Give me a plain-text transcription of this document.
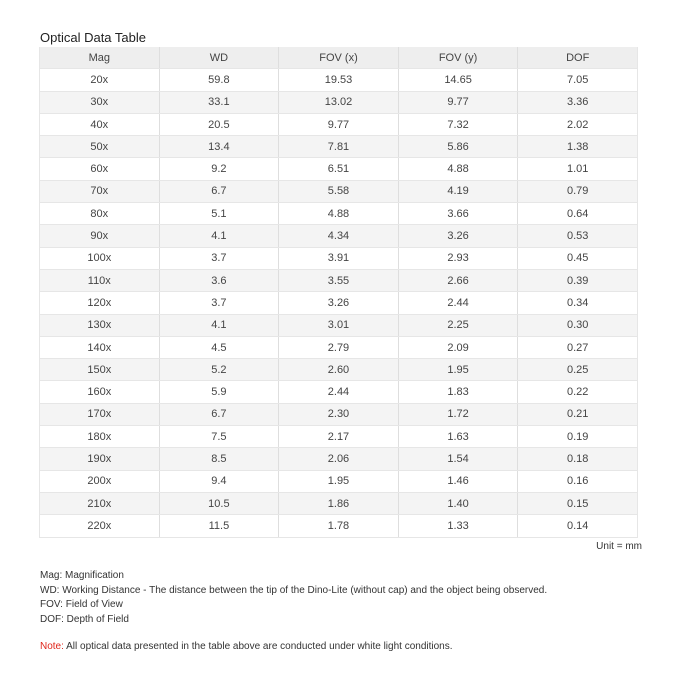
Optical Data Table
Mag	WD	FOV (x)	FOV (y)	DOF
20x	59.8	19.53	14.65	7.05
30x	33.1	13.02	9.77	3.36
40x	20.5	9.77	7.32	2.02
50x	13.4	7.81	5.86	1.38
60x	9.2	6.51	4.88	1.01
70x	6.7	5.58	4.19	0.79
80x	5.1	4.88	3.66	0.64
90x	4.1	4.34	3.26	0.53
100x	3.7	3.91	2.93	0.45
110x	3.6	3.55	2.66	0.39
120x	3.7	3.26	2.44	0.34
130x	4.1	3.01	2.25	0.30
140x	4.5	2.79	2.09	0.27
150x	5.2	2.60	1.95	0.25
160x	5.9	2.44	1.83	0.22
170x	6.7	2.30	1.72	0.21
180x	7.5	2.17	1.63	0.19
190x	8.5	2.06	1.54	0.18
200x	9.4	1.95	1.46	0.16
210x	10.5	1.86	1.40	0.15
220x	11.5	1.78	1.33	0.14
Unit = mm
Mag: Magnification
WD: Working Distance - The distance between the tip of the Dino-Lite (without cap) and the object being observed.
FOV: Field of View
DOF: Depth of Field
Note: All optical data presented in the table above are conducted under white light conditions.
